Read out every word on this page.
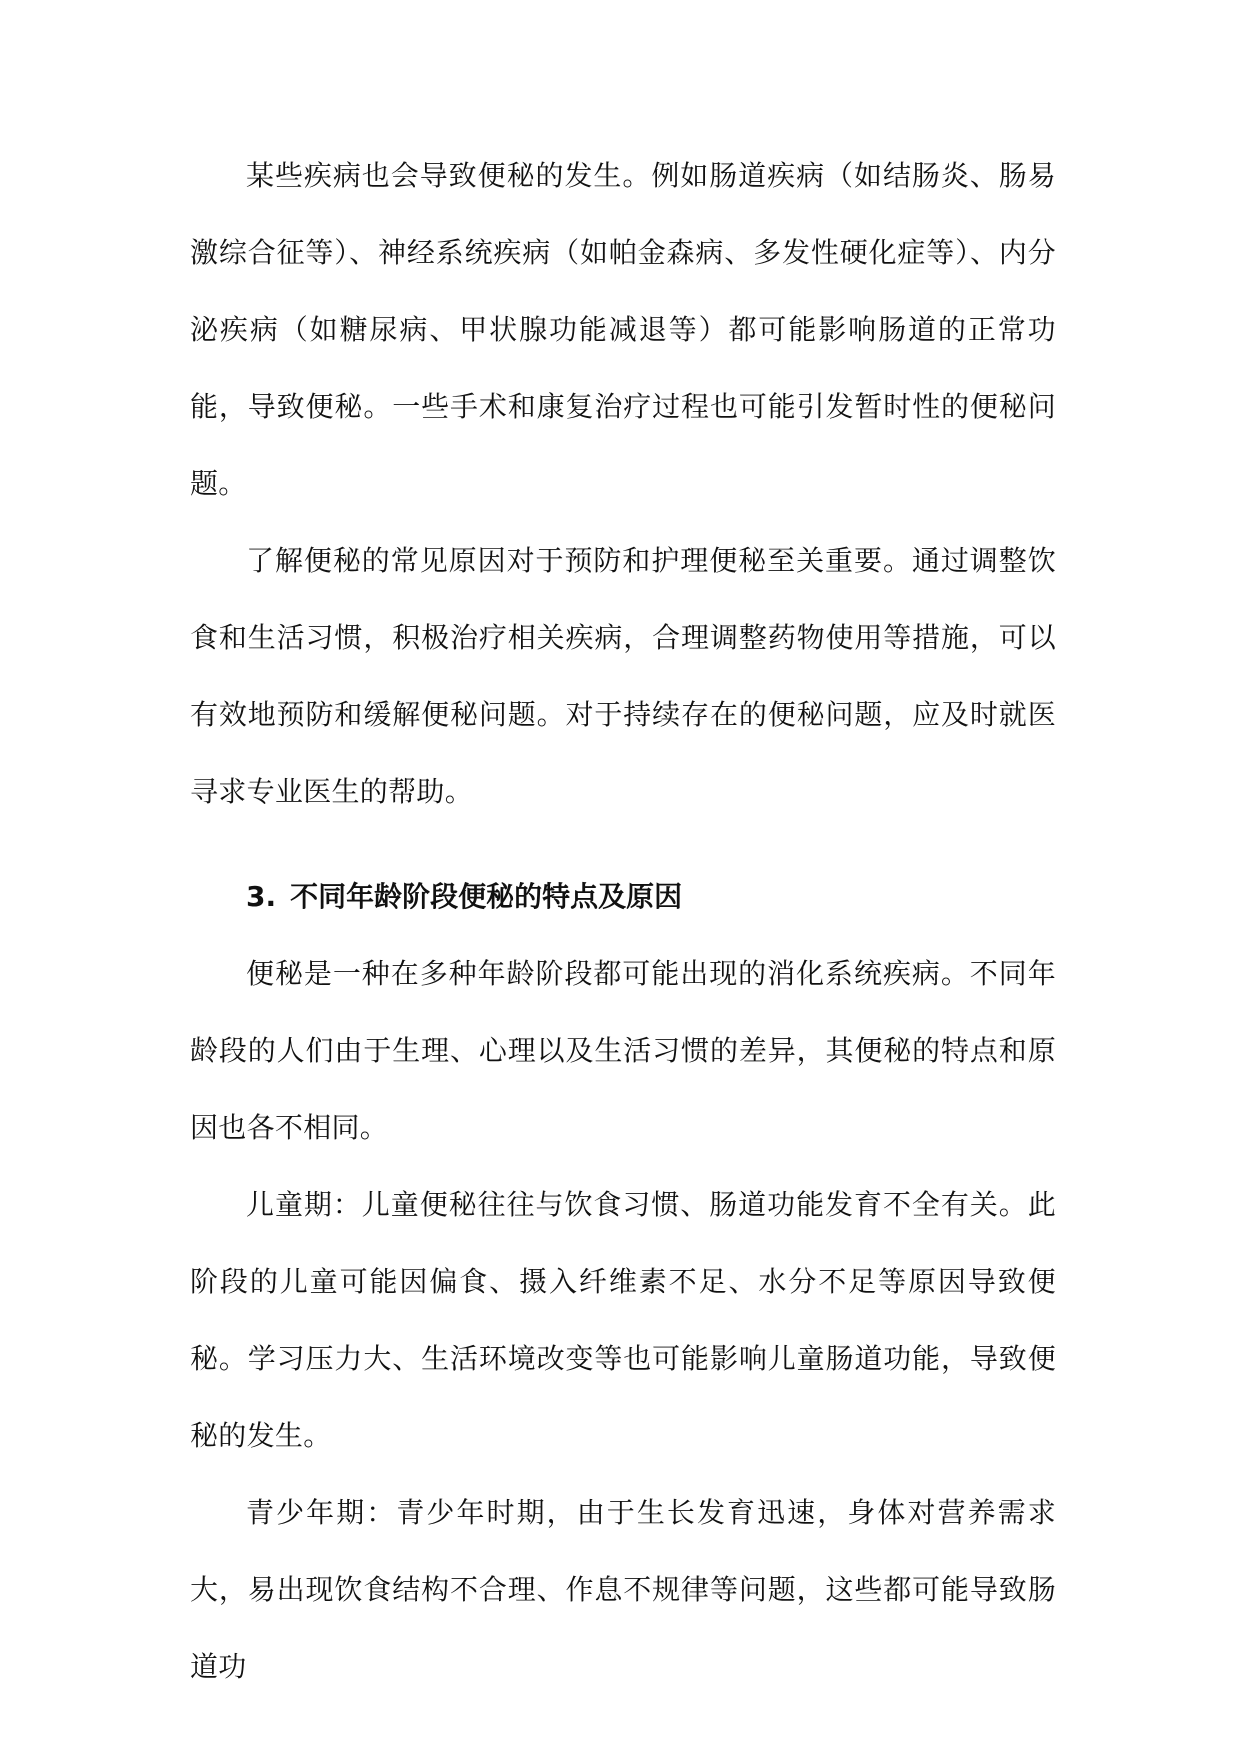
某些疾病也会导致便秘的发生。例如肠道疾病（如结肠炎、肠易激综合征等）、神经系统疾病（如帕金森病、多发性硬化症等）、内分泌疾病（如糖尿病、甲状腺功能减退等）都可能影响肠道的正常功能，导致便秘。一些手术和康复治疗过程也可能引发暂时性的便秘问题。

了解便秘的常见原因对于预防和护理便秘至关重要。通过调整饮食和生活习惯，积极治疗相关疾病，合理调整药物使用等措施，可以有效地预防和缓解便秘问题。对于持续存在的便秘问题，应及时就医寻求专业医生的帮助。

3. 不同年龄阶段便秘的特点及原因

便秘是一种在多种年龄阶段都可能出现的消化系统疾病。不同年龄段的人们由于生理、心理以及生活习惯的差异，其便秘的特点和原因也各不相同。

儿童期：儿童便秘往往与饮食习惯、肠道功能发育不全有关。此阶段的儿童可能因偏食、摄入纤维素不足、水分不足等原因导致便秘。学习压力大、生活环境改变等也可能影响儿童肠道功能，导致便秘的发生。

青少年期：青少年时期，由于生长发育迅速，身体对营养需求大，易出现饮食结构不合理、作息不规律等问题，这些都可能导致肠道功
